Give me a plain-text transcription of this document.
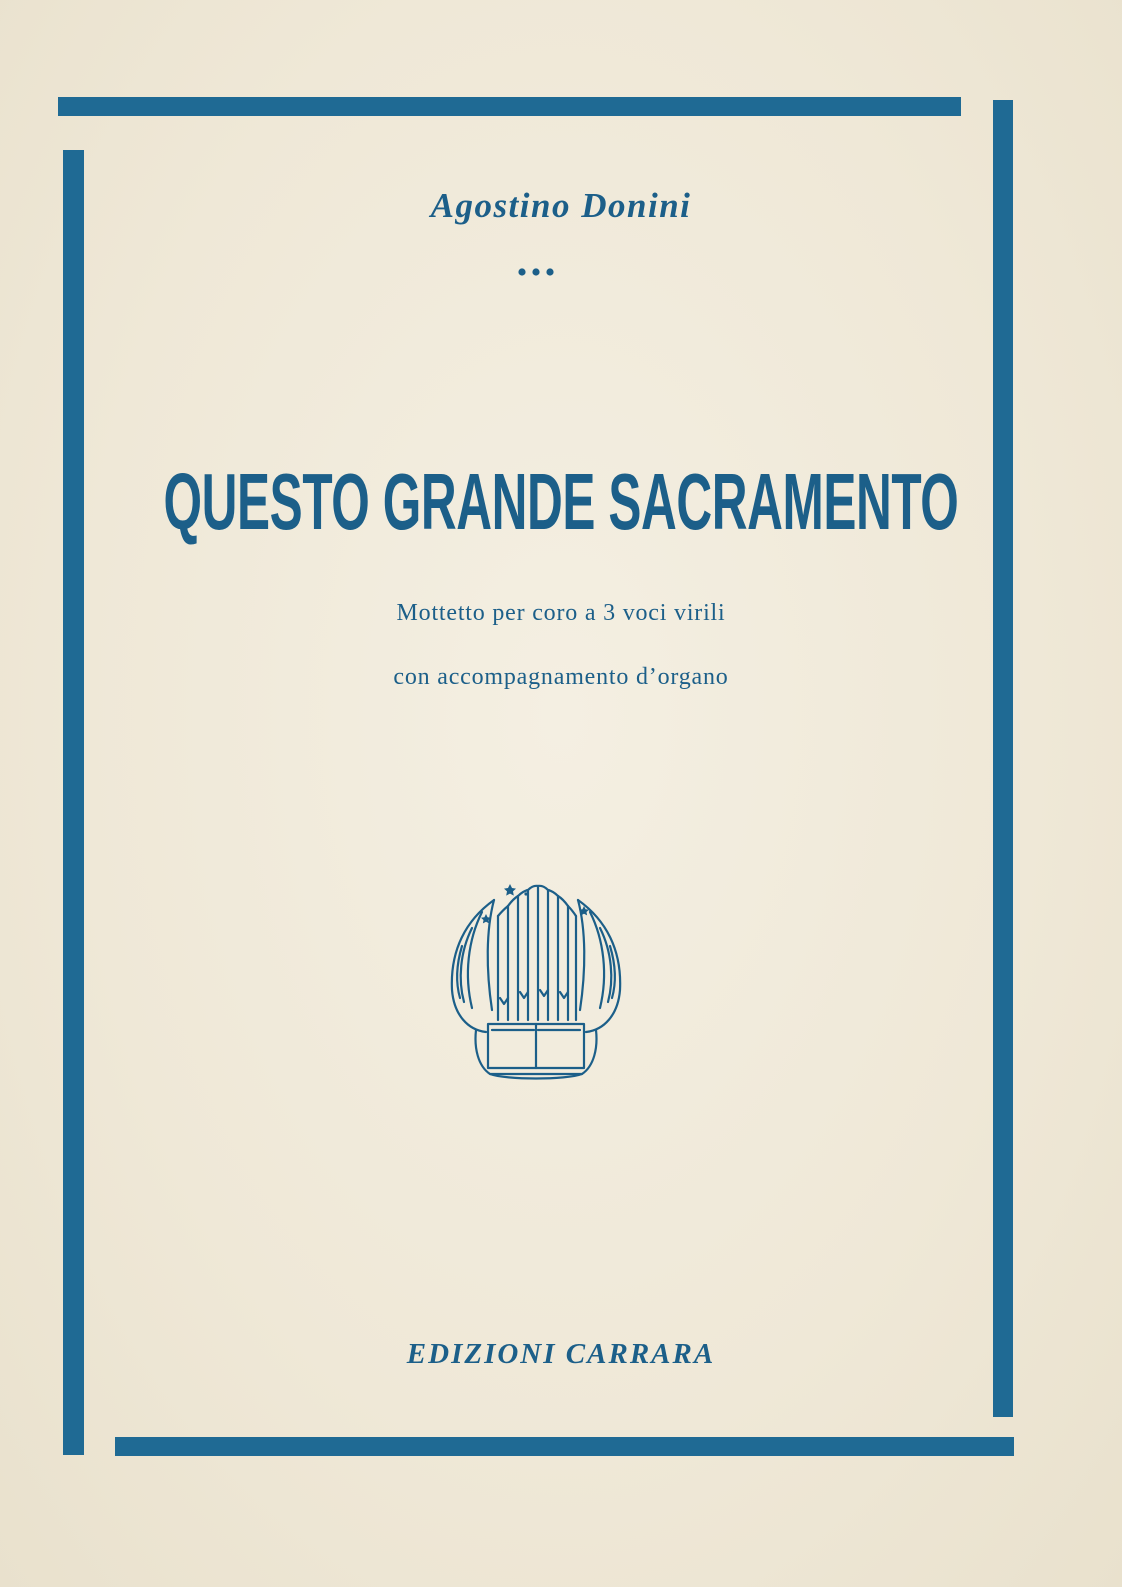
Agostino Donini
QUESTO GRANDE SACRAMENTO
Mottetto per coro a 3 voci virili
con accompagnamento d’organo
EDIZIONI CARRARA
